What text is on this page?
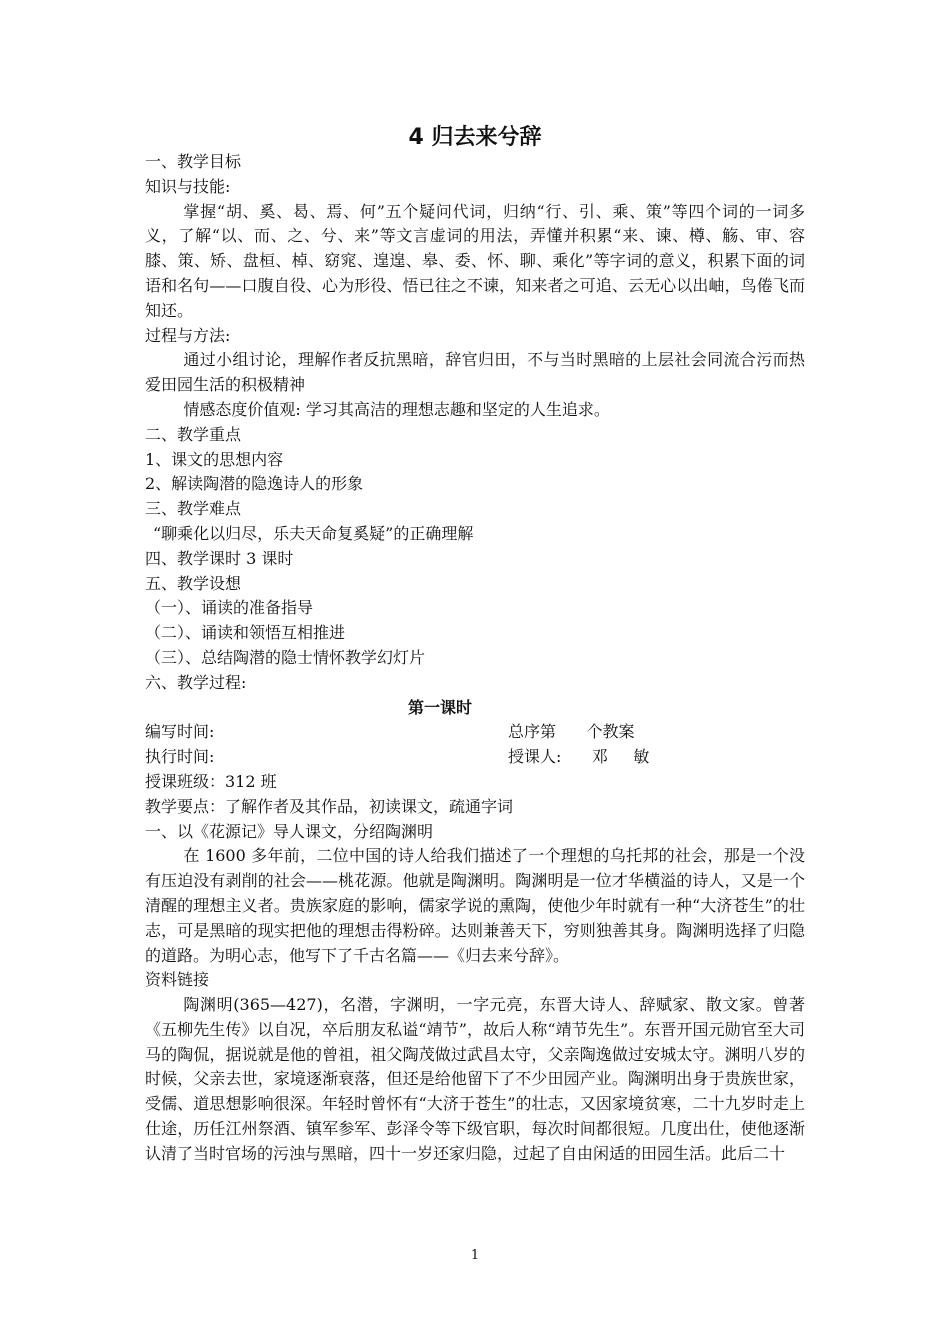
4 归去来兮辞

一、教学目标

知识与技能:

掌握“胡、奚、曷、焉、何”五个疑问代词，归纳“行、引、乘、策”等四个词的一词多义，了解“以、而、之、兮、来”等文言虚词的用法，弄懂并积累“来、谏、樽、觞、审、容膝、策、矫、盘桓、棹、窈窕、遑遑、皋、委、怀、聊、乘化”等字词的意义，积累下面的词语和名句——口腹自役、心为形役、悟已往之不谏，知来者之可追、云无心以出岫，鸟倦飞而知还。

过程与方法:

通过小组讨论，理解作者反抗黑暗，辞官归田，不与当时黑暗的上层社会同流合污而热爱田园生活的积极精神

情感态度价值观: 学习其高洁的理想志趣和坚定的人生追求。

二、教学重点

1、课文的思想内容

2、解读陶潜的隐逸诗人的形象

三、教学难点

“聊乘化以归尽，乐夫天命复奚疑”的正确理解

四、教学课时 3 课时

五、教学设想

（一）、诵读的准备指导

（二）、诵读和领悟互相推进

（三）、总结陶潜的隐士情怀教学幻灯片

六、教学过程:

第一课时

编写时间:	总序第      个教案
执行时间:	授课人:      邓     敏

授课班级：312 班

教学要点：了解作者及其作品，初读课文，疏通字词

一、以《花源记》导人课文，分绍陶渊明

在 1600 多年前，二位中国的诗人给我们描述了一个理想的乌托邦的社会，那是一个没有压迫没有剥削的社会——桃花源。他就是陶渊明。陶渊明是一位才华横溢的诗人，又是一个清醒的理想主义者。贵族家庭的影响，儒家学说的熏陶，使他少年时就有一种“大济苍生”的壮志，可是黑暗的现实把他的理想击得粉碎。达则兼善天下，穷则独善其身。陶渊明选择了归隐的道路。为明心志，他写下了千古名篇——《归去来兮辞》。

资料链接

陶渊明(365—427)，名潜，字渊明，一字元亮，东晋大诗人、辞赋家、散文家。曾著《五柳先生传》以自况，卒后朋友私谥“靖节”，故后人称“靖节先生”。东晋开国元勋官至大司马的陶侃，据说就是他的曾祖，祖父陶茂做过武昌太守，父亲陶逸做过安城太守。渊明八岁的时候，父亲去世，家境逐渐衰落，但还是给他留下了不少田园产业。陶渊明出身于贵族世家，受儒、道思想影响很深。年轻时曾怀有“大济于苍生”的壮志，又因家境贫寒，二十九岁时走上仕途，历任江州祭酒、镇军参军、彭泽令等下级官职，每次时间都很短。几度出仕，使他逐渐认清了当时官场的污浊与黑暗，四十一岁还家归隐，过起了自由闲适的田园生活。此后二十

1
